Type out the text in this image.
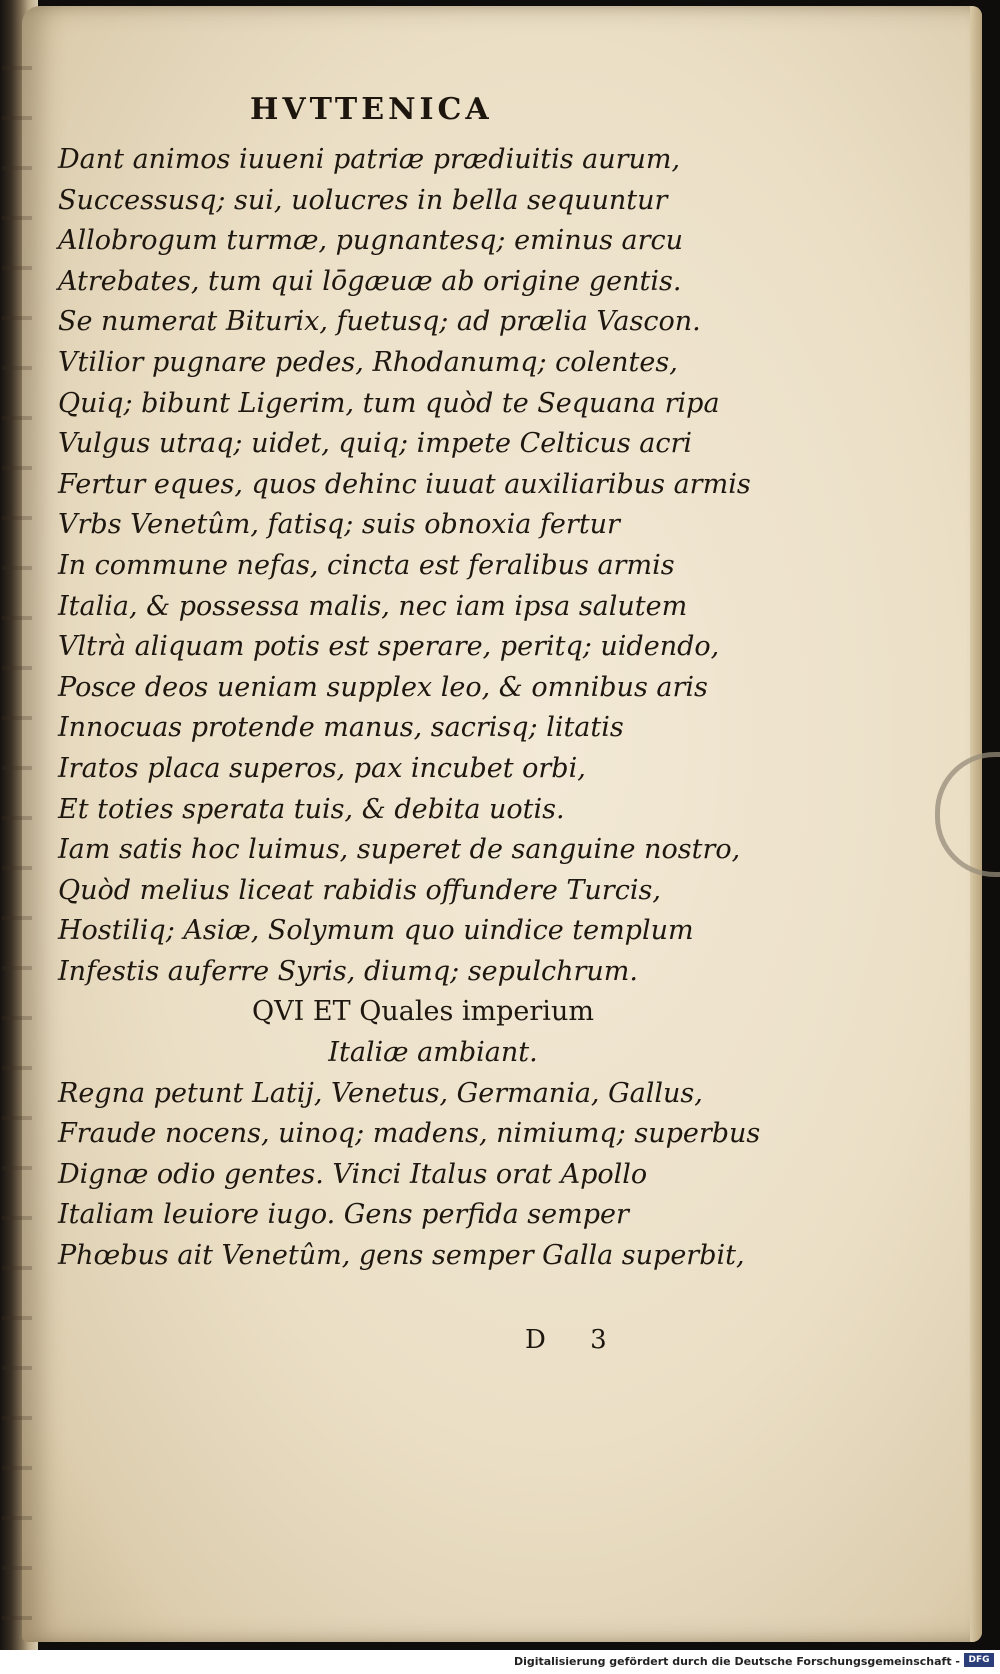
HVTTENICA
Dant animos iuueni patriæ prædiuitis aurum,
Successusq; sui, uolucres in bella sequuntur
Allobrogum turmæ, pugnantesq; eminus arcu
Atrebates, tum qui lōgæuæ ab origine gentis.
Se numerat Biturix, fuetusq; ad prælia Vascon.
Vtilior pugnare pedes, Rhodanumq; colentes,
Quiq; bibunt Ligerim, tum quòd te Sequana ripa
Vulgus utraq; uidet, quiq; impete Celticus acri
Fertur eques, quos dehinc iuuat auxiliaribus armis
Vrbs Venetûm, fatisq; suis obnoxia fertur
In commune nefas, cincta est feralibus armis
Italia, & possessa malis, nec iam ipsa salutem
Vltrà aliquam potis est sperare, peritq; uidendo,
Posce deos ueniam supplex leo, & omnibus aris
Innocuas protende manus, sacrisq; litatis
Iratos placa superos, pax incubet orbi,
Et toties sperata tuis, & debita uotis.
Iam satis hoc luimus, superet de sanguine nostro,
Quòd melius liceat rabidis offundere Turcis,
Hostiliq; Asiæ, Solymum quo uindice templum
Infestis auferre Syris, diumq; sepulchrum.
QVI ET Quales imperium
Italiæ ambiant.
Regna petunt Latij, Venetus, Germania, Gallus,
Fraude nocens, uinoq; madens, nimiumq; superbus
Dignæ odio gentes. Vinci Italus orat Apollo
Italiam leuiore iugo. Gens perfida semper
Phœbus ait Venetûm, gens semper Galla superbit,
D 3
Digitalisierung gefördert durch die Deutsche Forschungsgemeinschaft - DFG
